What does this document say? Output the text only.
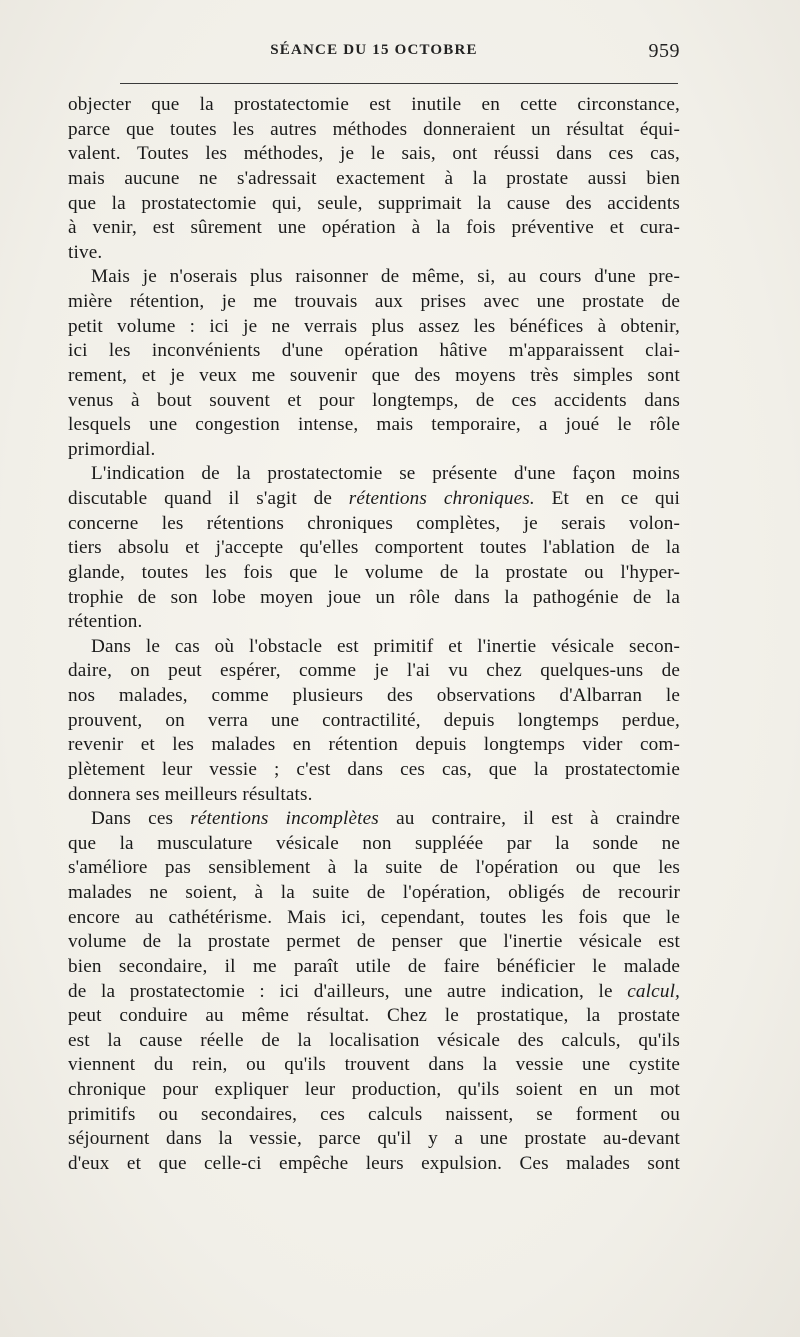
SÉANCE DU 15 OCTOBRE	959
objecter que la prostatectomie est inutile en cette circonstance,
parce que toutes les autres méthodes donneraient un résultat équi-
valent. Toutes les méthodes, je le sais, ont réussi dans ces cas,
mais aucune ne s'adressait exactement à la prostate aussi bien
que la prostatectomie qui, seule, supprimait la cause des accidents
à venir, est sûrement une opération à la fois préventive et cura-
tive.
Mais je n'oserais plus raisonner de même, si, au cours d'une pre-
mière rétention, je me trouvais aux prises avec une prostate de
petit volume : ici je ne verrais plus assez les bénéfices à obtenir,
ici les inconvénients d'une opération hâtive m'apparaissent clai-
rement, et je veux me souvenir que des moyens très simples sont
venus à bout souvent et pour longtemps, de ces accidents dans
lesquels une congestion intense, mais temporaire, a joué le rôle
primordial.
L'indication de la prostatectomie se présente d'une façon moins
discutable quand il s'agit de rétentions chroniques. Et en ce qui
concerne les rétentions chroniques complètes, je serais volon-
tiers absolu et j'accepte qu'elles comportent toutes l'ablation de la
glande, toutes les fois que le volume de la prostate ou l'hyper-
trophie de son lobe moyen joue un rôle dans la pathogénie de la
rétention.
Dans le cas où l'obstacle est primitif et l'inertie vésicale secon-
daire, on peut espérer, comme je l'ai vu chez quelques-uns de
nos malades, comme plusieurs des observations d'Albarran le
prouvent, on verra une contractilité, depuis longtemps perdue,
revenir et les malades en rétention depuis longtemps vider com-
plètement leur vessie ; c'est dans ces cas, que la prostatectomie
donnera ses meilleurs résultats.
Dans ces rétentions incomplètes au contraire, il est à craindre
que la musculature vésicale non suppléée par la sonde ne
s'améliore pas sensiblement à la suite de l'opération ou que les
malades ne soient, à la suite de l'opération, obligés de recourir
encore au cathétérisme. Mais ici, cependant, toutes les fois que le
volume de la prostate permet de penser que l'inertie vésicale est
bien secondaire, il me paraît utile de faire bénéficier le malade
de la prostatectomie : ici d'ailleurs, une autre indication, le calcul,
peut conduire au même résultat. Chez le prostatique, la prostate
est la cause réelle de la localisation vésicale des calculs, qu'ils
viennent du rein, ou qu'ils trouvent dans la vessie une cystite
chronique pour expliquer leur production, qu'ils soient en un mot
primitifs ou secondaires, ces calculs naissent, se forment ou
séjournent dans la vessie, parce qu'il y a une prostate au-devant
d'eux et que celle-ci empêche leurs expulsion. Ces malades sont
